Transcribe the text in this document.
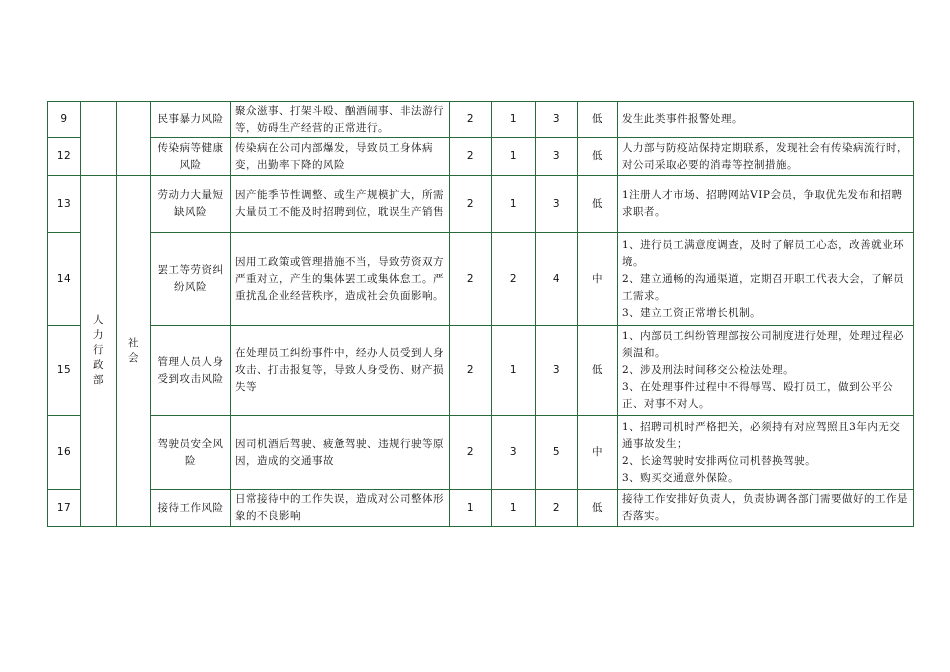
9			民事暴力风险	聚众滋事、打架斗殴、酗酒闹事、非法游行等，妨碍生产经营的正常进行。	2	1	3	低	发生此类事件报警处理。

12			传染病等健康风险	传染病在公司内部爆发，导致员工身体病变，出勤率下降的风险	2	1	3	低	人力部与防疫站保持定期联系，发现社会有传染病流行时，对公司采取必要的消毒等控制措施。

13	人力行政部	社会	劳动力大量短缺风险	因产能季节性调整、或生产规模扩大，所需大量员工不能及时招聘到位，耽误生产销售	2	1	3	低	1注册人才市场、招聘网站VIP会员，争取优先发布和招聘求职者。

14			罢工等劳资纠纷风险	因用工政策或管理措施不当，导致劳资双方严重对立，产生的集体罢工或集体怠工。严重扰乱企业经营秩序，造成社会负面影响。	2	2	4	中	1、进行员工满意度调查，及时了解员工心态，改善就业环境。
2、建立通畅的沟通渠道，定期召开职工代表大会，了解员工需求。
3、建立工资正常增长机制。

15			管理人员人身受到攻击风险	在处理员工纠纷事件中，经办人员受到人身攻击、打击报复等，导致人身受伤、财产损失等	2	1	3	低	1、内部员工纠纷管理部按公司制度进行处理，处理过程必须温和。
2、涉及刑法时间移交公检法处理。
3、在处理事件过程中不得辱骂、殴打员工，做到公平公正、对事不对人。

16			驾驶员安全风险	因司机酒后驾驶、疲惫驾驶、违规行驶等原因，造成的交通事故	2	3	5	中	1、招聘司机时严格把关，必须持有对应驾照且3年内无交通事故发生；
2、长途驾驶时安排两位司机替换驾驶。
3、购买交通意外保险。

17			接待工作风险	日常接待中的工作失误，造成对公司整体形象的不良影响	1	1	2	低	接待工作安排好负责人，负责协调各部门需要做好的工作是否落实。
